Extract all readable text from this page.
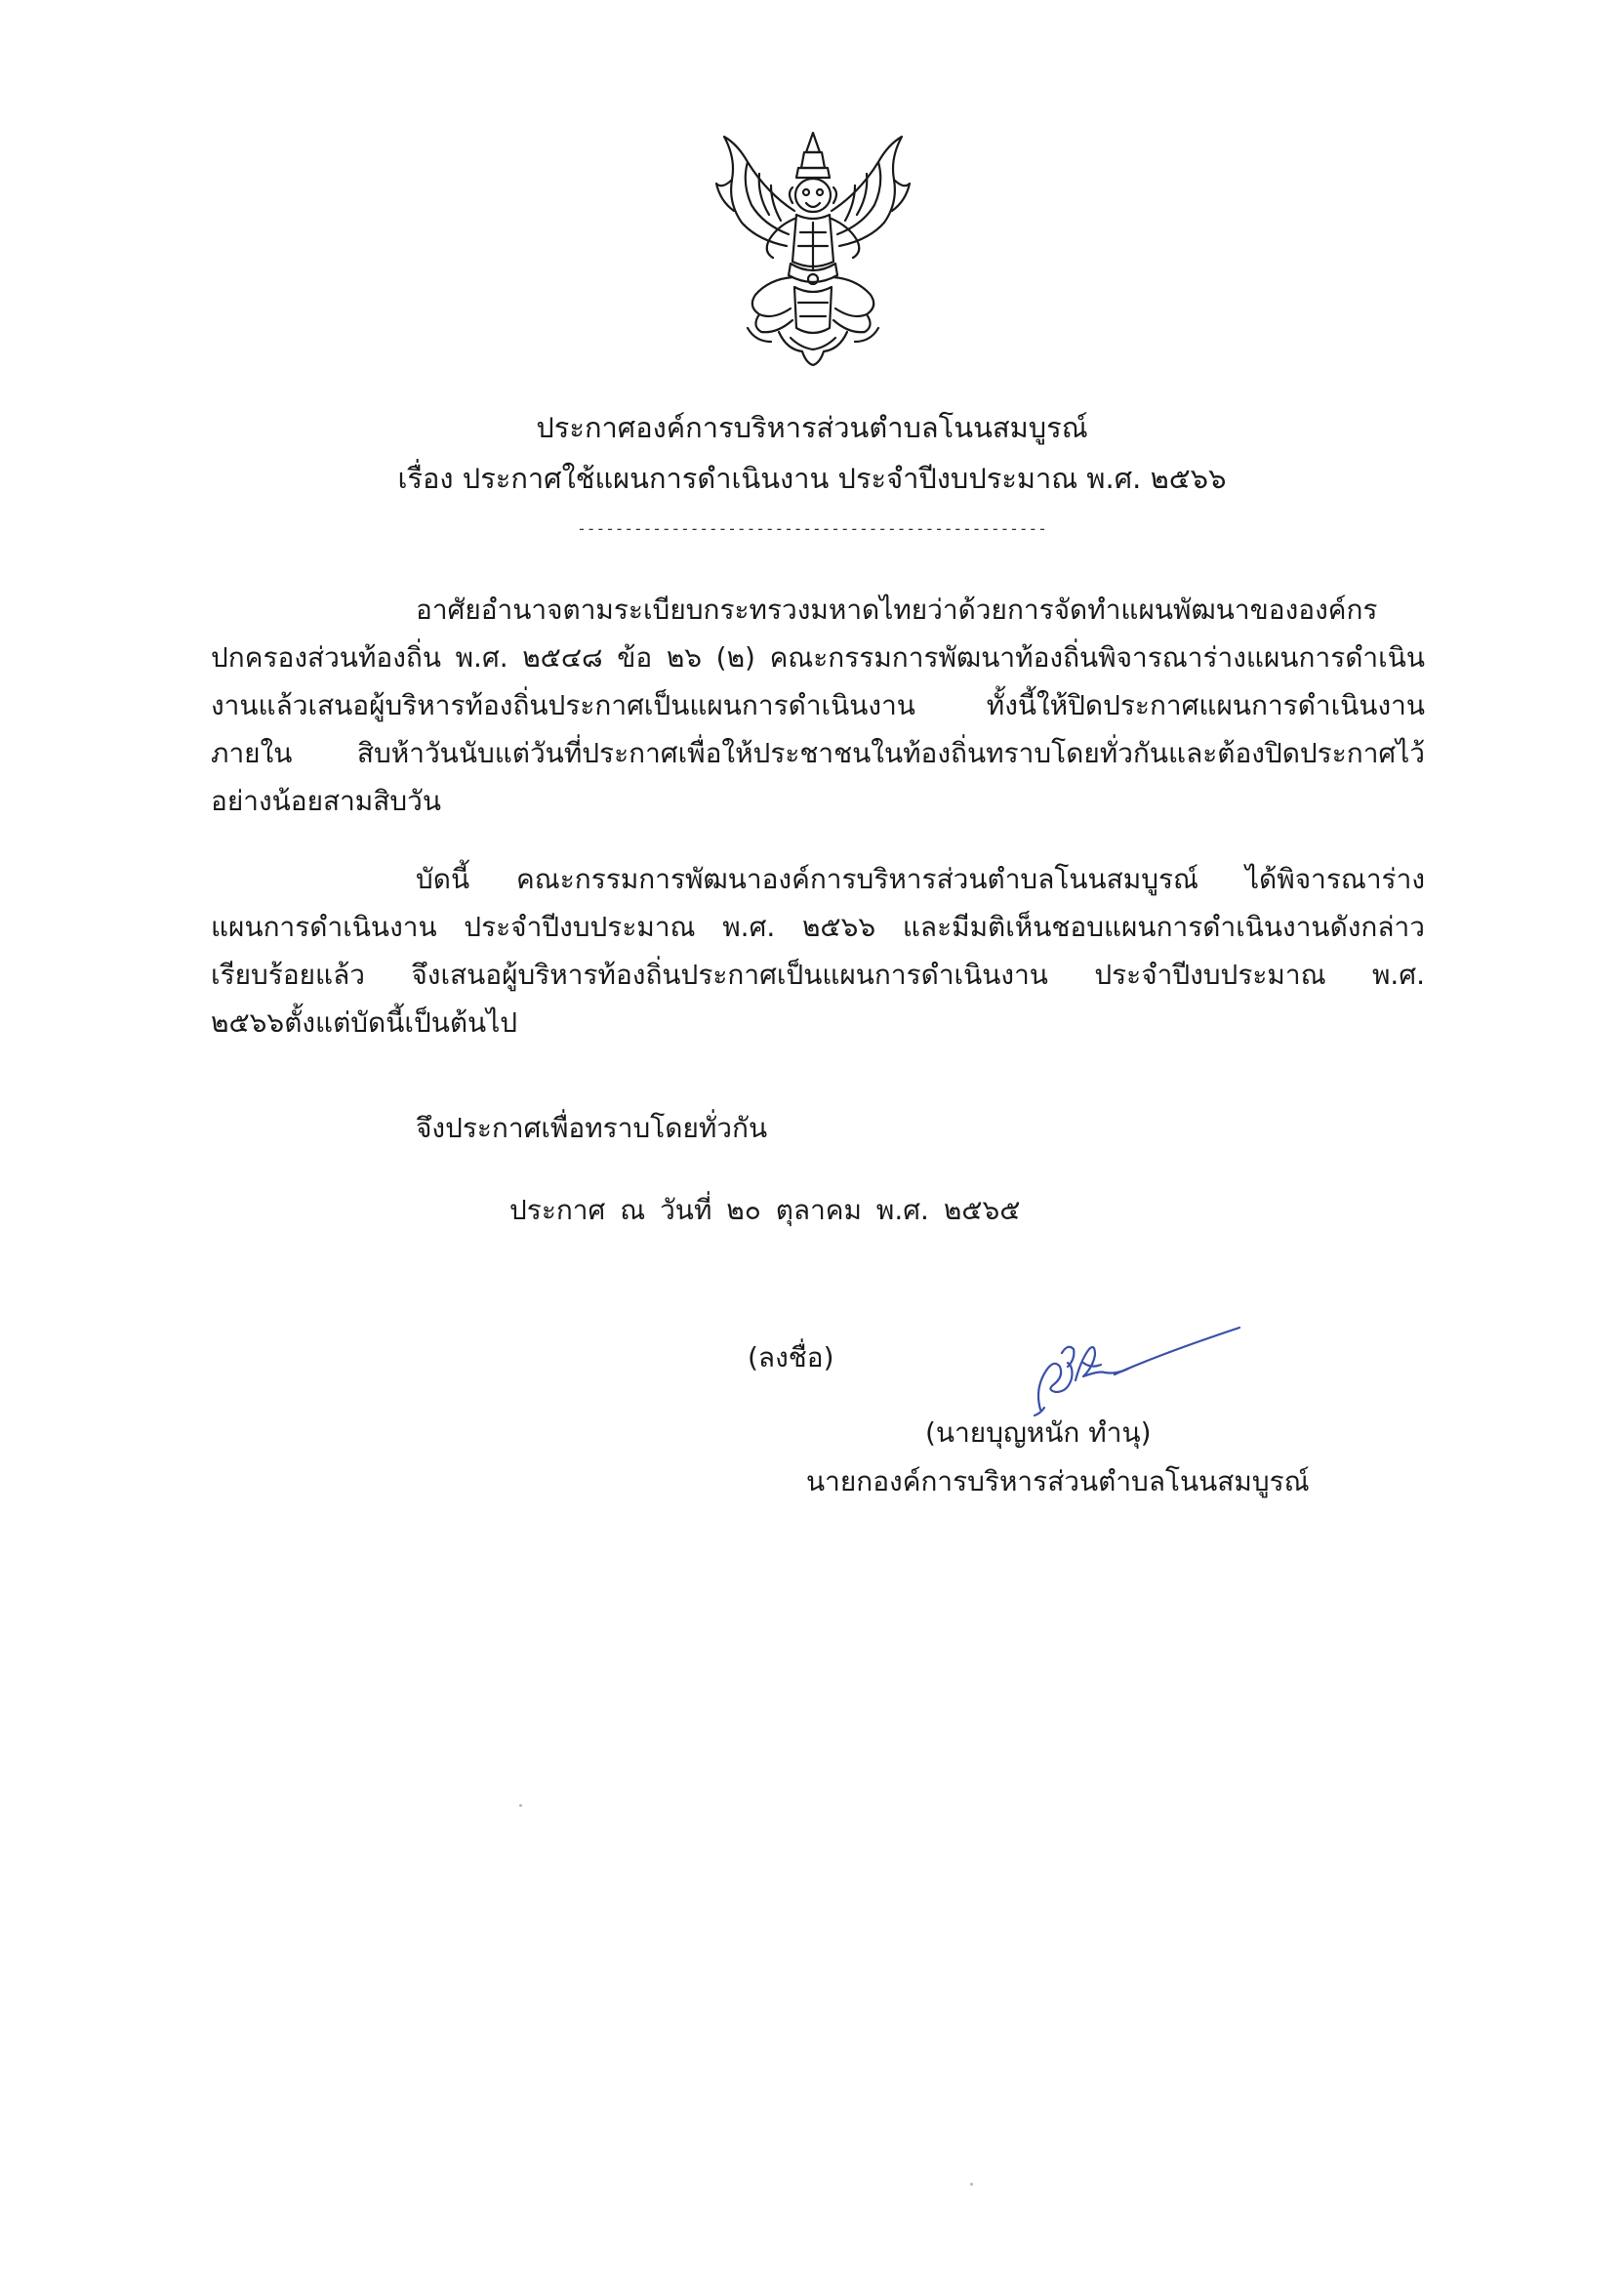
ประกาศองค์การบริหารส่วนตำบลโนนสมบูรณ์
เรื่อง ประกาศใช้แผนการดำเนินงาน ประจำปีงบประมาณ พ.ศ. ๒๕๖๖
--------------------------------------------------

อาศัยอำนาจตามระเบียบกระทรวงมหาดไทยว่าด้วยการจัดทำแผนพัฒนาขององค์กรปกครองส่วนท้องถิ่น พ.ศ. ๒๕๔๘ ข้อ ๒๖ (๒) คณะกรรมการพัฒนาท้องถิ่นพิจารณาร่างแผนการดำเนินงานแล้วเสนอผู้บริหารท้องถิ่นประกาศเป็นแผนการดำเนินงาน ทั้งนี้ให้ปิดประกาศแผนการดำเนินงานภายใน สิบห้าวันนับแต่วันที่ประกาศเพื่อให้ประชาชนในท้องถิ่นทราบโดยทั่วกันและต้องปิดประกาศไว้อย่างน้อยสามสิบวัน

บัดนี้ คณะกรรมการพัฒนาองค์การบริหารส่วนตำบลโนนสมบูรณ์ ได้พิจารณาร่างแผนการดำเนินงาน ประจำปีงบประมาณ พ.ศ. ๒๕๖๖ และมีมติเห็นชอบแผนการดำเนินงานดังกล่าวเรียบร้อยแล้ว จึงเสนอผู้บริหารท้องถิ่นประกาศเป็นแผนการดำเนินงาน ประจำปีงบประมาณ พ.ศ. ๒๕๖๖ตั้งแต่บัดนี้เป็นต้นไป

จึงประกาศเพื่อทราบโดยทั่วกัน
ประกาศ ณ วันที่ ๒๐ ตุลาคม พ.ศ. ๒๕๖๕
(ลงชื่อ)
(นายบุญหนัก ทำนุ)
นายกองค์การบริหารส่วนตำบลโนนสมบูรณ์
